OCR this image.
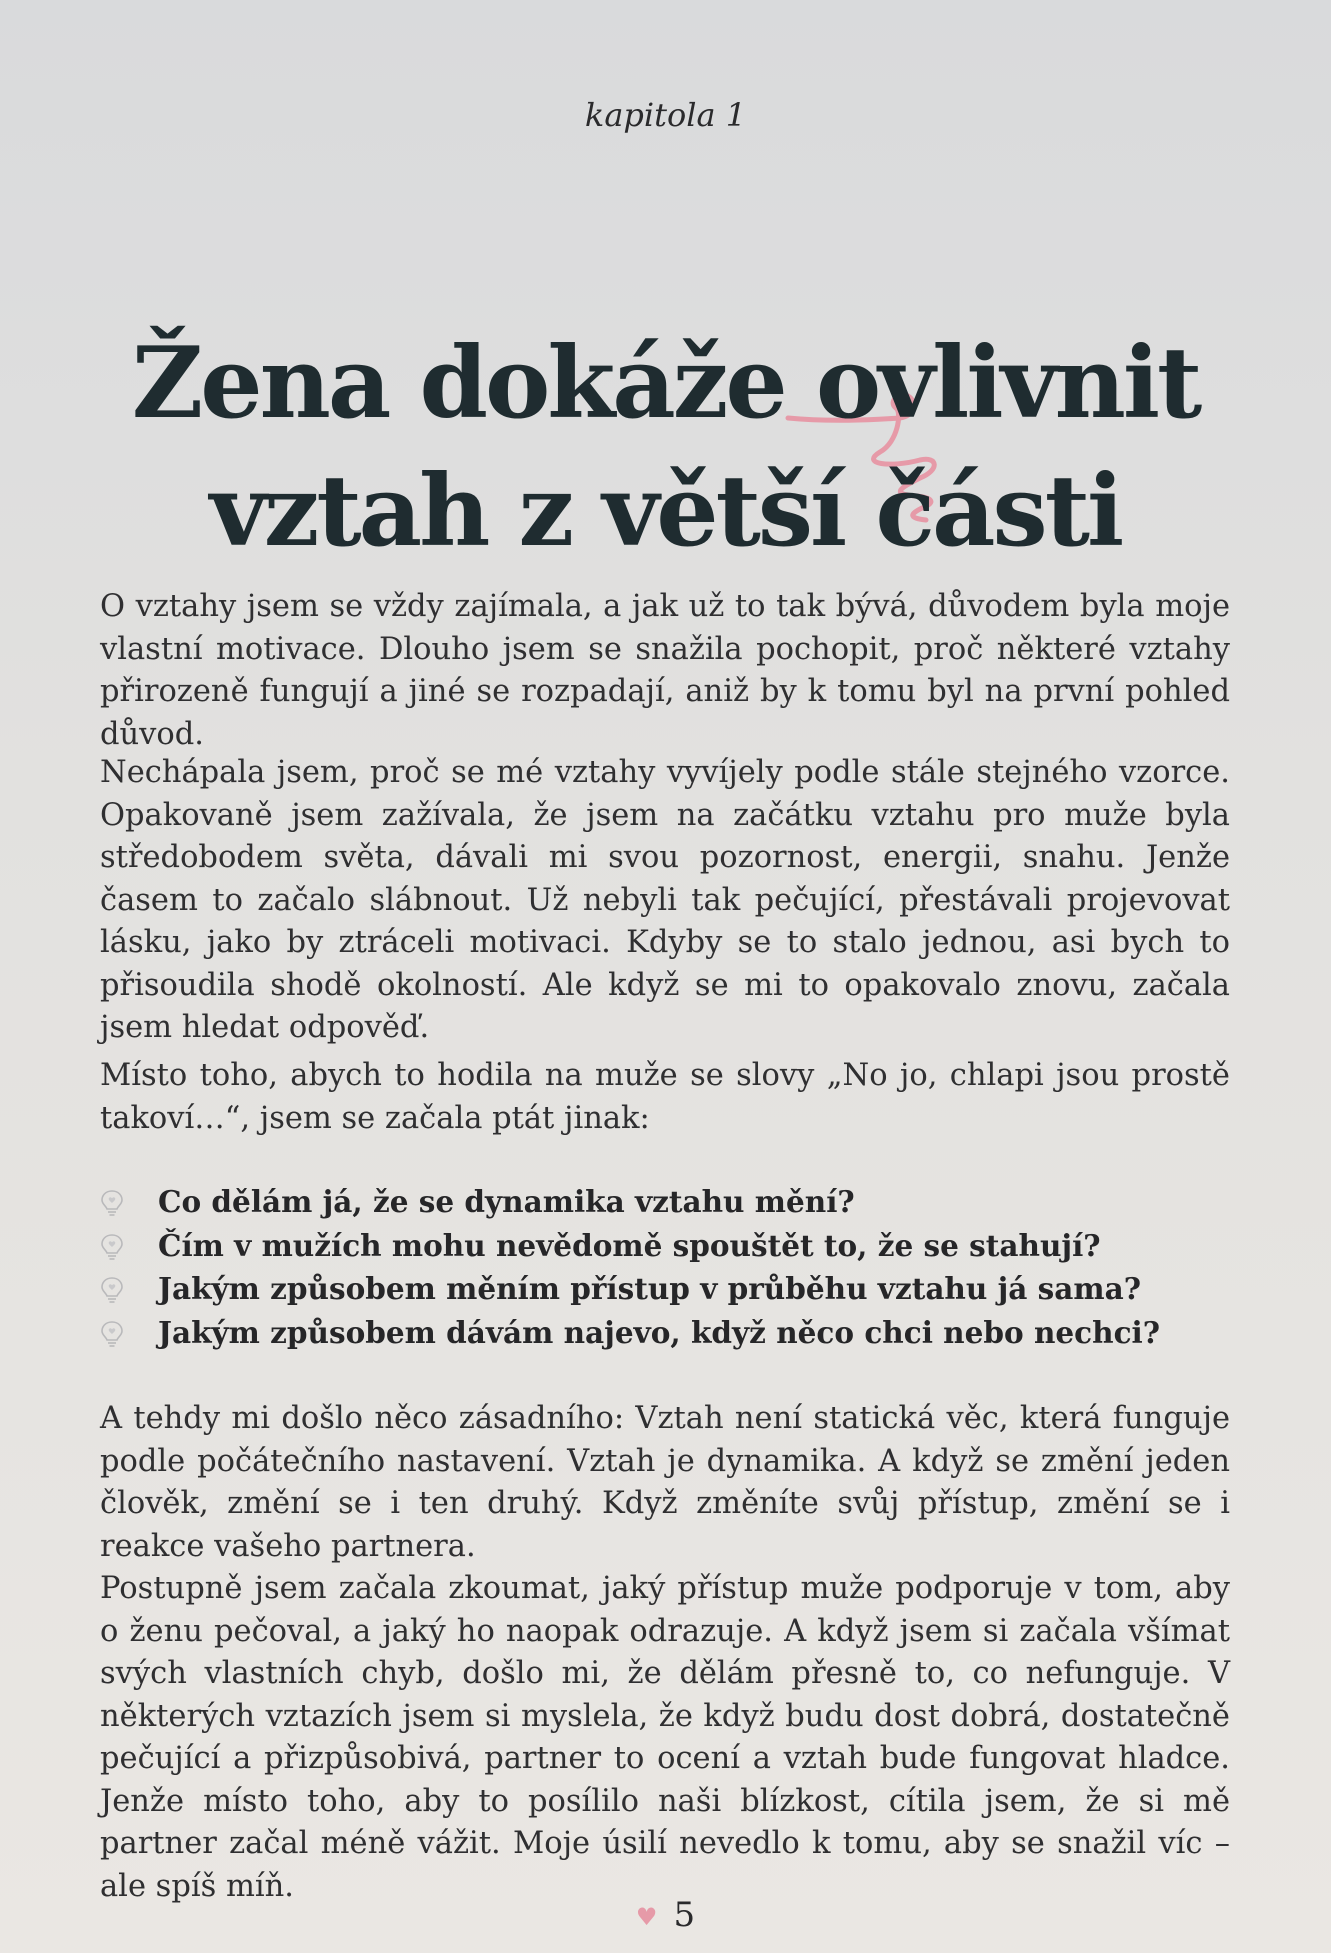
kapitola 1
Žena dokáže ovlivnit
vztah z větší části

O vztahy jsem se vždy zajímala, a jak už to tak bývá, důvodem byla moje vlastní motivace. Dlouho jsem se snažila pochopit, proč některé vztahy přirozeně fungují a jiné se rozpadají, aniž by k tomu byl na první pohled důvod.

Nechápala jsem, proč se mé vztahy vyvíjely podle stále stejného vzorce. Opakovaně jsem zažívala, že jsem na začátku vztahu pro muže byla středobodem světa, dávali mi svou pozornost, energii, snahu. Jenže časem to začalo slábnout. Už nebyli tak pečující, přestávali projevovat lásku, jako by ztráceli motivaci. Kdyby se to stalo jednou, asi bych to přisoudila shodě okolností. Ale když se mi to opakovalo znovu, začala jsem hledat odpověď.

Místo toho, abych to hodila na muže se slovy „No jo, chlapi jsou prostě takoví…“, jsem se začala ptát jinak:

Co dělám já, že se dynamika vztahu mění?
Čím v mužích mohu nevědomě spouštět to, že se stahují?
Jakým způsobem měním přístup v průběhu vztahu já sama?
Jakým způsobem dávám najevo, když něco chci nebo nechci?

A tehdy mi došlo něco zásadního: Vztah není statická věc, která funguje podle počátečního nastavení. Vztah je dynamika. A když se změní jeden člověk, změní se i ten druhý. Když změníte svůj přístup, změní se i reakce vašeho partnera.

Postupně jsem začala zkoumat, jaký přístup muže podporuje v tom, aby o ženu pečoval, a jaký ho naopak odrazuje. A když jsem si začala všímat svých vlastních chyb, došlo mi, že dělám přesně to, co nefunguje. V některých vztazích jsem si myslela, že když budu dost dobrá, dostatečně pečující a přizpůsobivá, partner to ocení a vztah bude fungovat hladce. Jenže místo toho, aby to posílilo naši blízkost, cítila jsem, že si mě partner začal méně vážit. Moje úsilí nevedlo k tomu, aby se snažil víc – ale spíš míň.

♥ 5
